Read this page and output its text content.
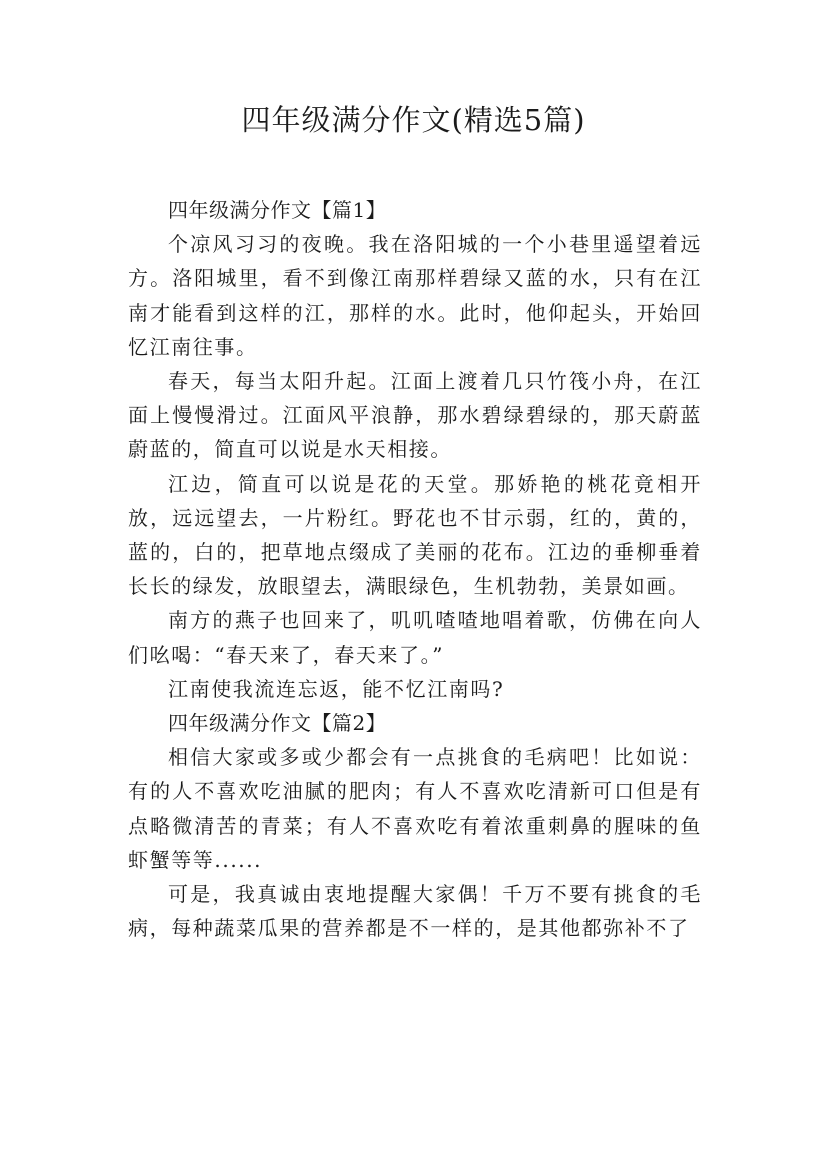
四年级满分作文(精选5篇)

四年级满分作文【篇1】

个凉风习习的夜晚。我在洛阳城的一个小巷里遥望着远方。洛阳城里，看不到像江南那样碧绿又蓝的水，只有在江南才能看到这样的江，那样的水。此时，他仰起头，开始回忆江南往事。

春天，每当太阳升起。江面上渡着几只竹筏小舟，在江面上慢慢滑过。江面风平浪静，那水碧绿碧绿的，那天蔚蓝蔚蓝的，简直可以说是水天相接。

江边，简直可以说是花的天堂。那娇艳的桃花竟相开放，远远望去，一片粉红。野花也不甘示弱，红的，黄的，蓝的，白的，把草地点缀成了美丽的花布。江边的垂柳垂着长长的绿发，放眼望去，满眼绿色，生机勃勃，美景如画。

南方的燕子也回来了，叽叽喳喳地唱着歌，仿佛在向人们吆喝：“春天来了，春天来了。”

江南使我流连忘返，能不忆江南吗?

四年级满分作文【篇2】

相信大家或多或少都会有一点挑食的毛病吧！比如说：有的人不喜欢吃油腻的肥肉；有人不喜欢吃清新可口但是有点略微清苦的青菜；有人不喜欢吃有着浓重刺鼻的腥味的鱼虾蟹等等......

可是，我真诚由衷地提醒大家偶！千万不要有挑食的毛病，每种蔬菜瓜果的营养都是不一样的，是其他都弥补不了
